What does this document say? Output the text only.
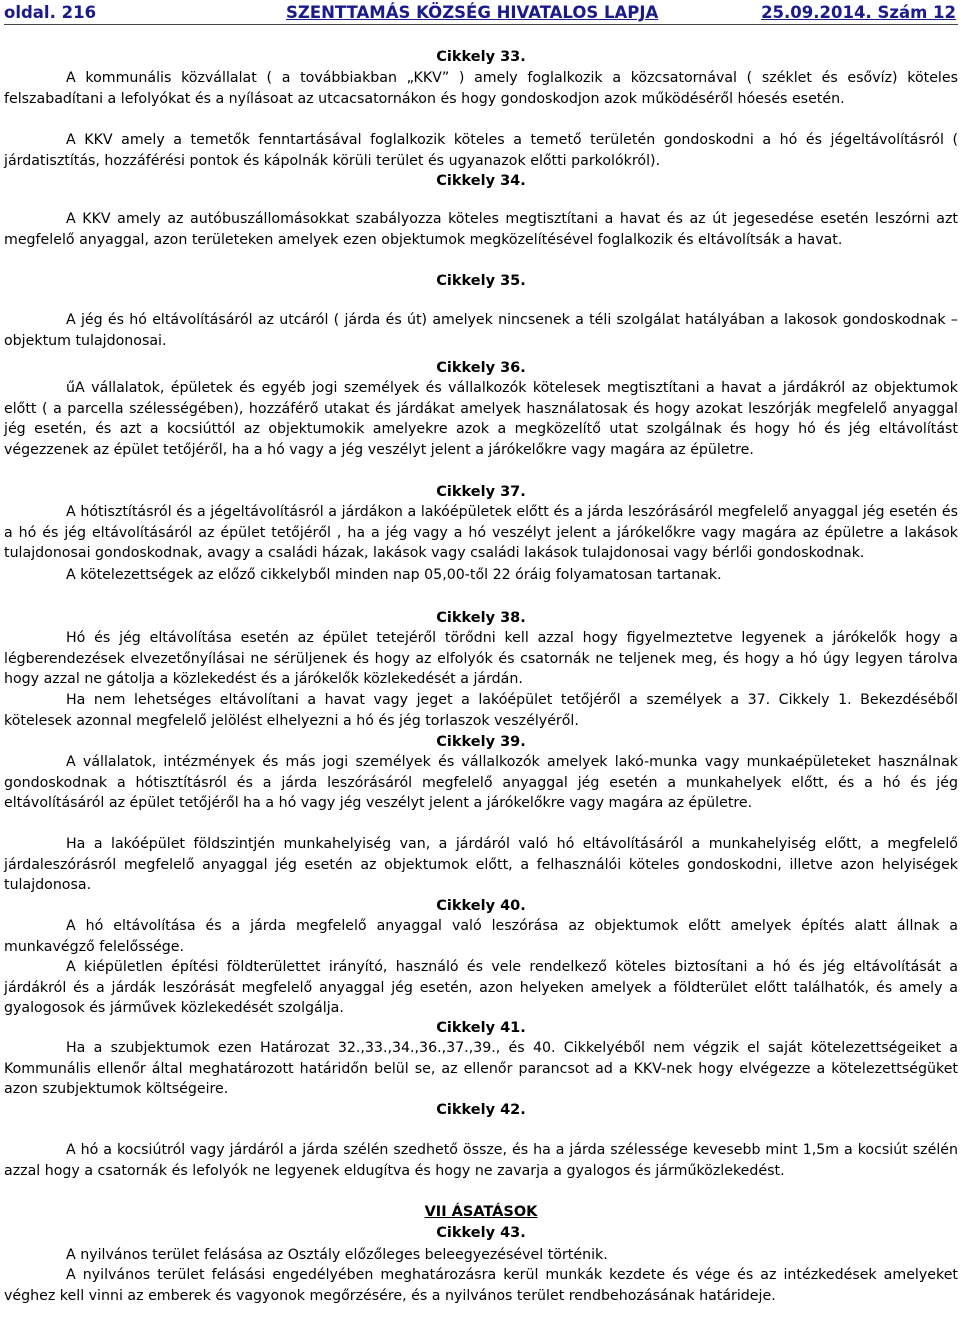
oldal. 216	SZENTTAMÁS KÖZSÉG HIVATALOS LAPJA	25.09.2014. Szám 12
Cikkely 33.
A kommunális közvállalat ( a továbbiakban „KKV” ) amely foglalkozik a közcsatornával ( széklet és esővíz) köteles felszabadítani a lefolyókat és a nyílásoat az utcacsatornákon és hogy gondoskodjon azok működéséről hóesés esetén.
A KKV amely a temetők fenntartásával foglalkozik köteles a temető területén gondoskodni a hó és jégeltávolításról ( járdatisztítás, hozzáférési pontok és kápolnák körüli terület és ugyanazok előtti parkolókról).
Cikkely 34.
A KKV amely az autóbuszállomásokkat szabályozza köteles megtisztítani a havat és az út jegesedése esetén leszórni azt megfelelő anyaggal, azon területeken amelyek ezen objektumok megközelítésével foglalkozik és eltávolítsák a havat.
Cikkely 35.
A jég és hó eltávolításáról az utcáról ( járda és út) amelyek nincsenek a téli szolgálat hatályában a lakosok gondoskodnak – objektum tulajdonosai.
Cikkely 36.
űA vállalatok, épületek és egyéb jogi személyek és vállalkozók kötelesek megtisztítani a havat a járdákról az objektumok előtt ( a parcella szélességében), hozzáférő utakat és járdákat amelyek használatosak és hogy azokat leszórják megfelelő anyaggal jég esetén, és azt a kocsiúttól az objektumokik amelyekre azok a megközelítő utat szolgálnak és hogy hó és jég eltávolítást végezzenek az épület tetőjéről, ha a hó vagy a jég veszélyt jelent a járókelőkre vagy magára az épületre.
Cikkely 37.
A hótisztításról és a jégeltávolításról a járdákon a lakóépületek előtt és a járda leszórásáról megfelelő anyaggal jég esetén és a hó és jég eltávolításáról az épület tetőjéről , ha a jég vagy a hó veszélyt jelent a járókelőkre vagy magára az épületre a lakások tulajdonosai gondoskodnak, avagy a családi házak, lakások vagy családi lakások tulajdonosai vagy bérlői gondoskodnak.
A kötelezettségek az előző cikkelyből minden nap 05,00-től 22 óráig folyamatosan tartanak.
Cikkely 38.
Hó és jég eltávolítása esetén az épület tetejéről törődni kell azzal hogy figyelmeztetve legyenek a járókelők hogy a légberendezések elvezetőnyílásai ne sérüljenek és hogy az elfolyók és csatornák ne teljenek meg, és hogy a hó úgy legyen tárolva hogy azzal ne gátolja a közlekedést és a járókelők közlekedését a járdán.
Ha nem lehetséges eltávolítani a havat vagy jeget a lakóépület tetőjéről a személyek a 37. Cikkely 1. Bekezdéséből kötelesek azonnal megfelelő jelölést elhelyezni a hó és jég torlaszok veszélyéről.
Cikkely 39.
A vállalatok, intézmények és más jogi személyek és vállalkozók amelyek lakó-munka vagy munkaépületeket használnak gondoskodnak a hótisztításról és a járda leszórásáról megfelelő anyaggal jég esetén a munkahelyek előtt, és a hó és jég eltávolításáról az épület tetőjéről ha a hó vagy jég veszélyt jelent a járókelőkre vagy magára az épületre.
Ha a lakóépület földszintjén munkahelyiség van, a járdáról való hó eltávolításáról a munkahelyiség előtt, a megfelelő járdaleszórásról megfelelő anyaggal jég esetén az objektumok előtt, a felhasználói köteles gondoskodni, illetve azon helyiségek tulajdonosa.
Cikkely 40.
A hó eltávolítása és a járda megfelelő anyaggal való leszórása az objektumok előtt amelyek építés alatt állnak a munkavégző felelőssége.
A kiépületlen építési földterülettet irányító, használó és vele rendelkező köteles biztosítani a hó és jég eltávolítását a járdákról és a járdák leszórását megfelelő anyaggal jég esetén, azon helyeken amelyek a földterület előtt találhatók, és amely a gyalogosok és járművek közlekedését szolgálja.
Cikkely 41.
Ha a szubjektumok ezen Határozat 32.,33.,34.,36.,37.,39., és 40. Cikkelyéből nem végzik el saját kötelezettségeiket a Kommunális ellenőr által meghatározott határidőn belül se, az ellenőr parancsot ad a KKV-nek hogy elvégezze a kötelezettségüket azon szubjektumok költségeire.
Cikkely 42.
A hó a kocsiútról vagy járdáról a járda szélén szedhető össze, és ha a járda szélessége kevesebb mint 1,5m a kocsiút szélén azzal hogy a csatornák és lefolyók ne legyenek eldugítva és hogy ne zavarja a gyalogos és járműközlekedést.
VII ÁSATÁSOK
Cikkely 43.
A nyilvános terület felásása az Osztály előzőleges beleegyezésével történik.
A nyilvános terület felásási engedélyében meghatározásra kerül munkák kezdete és vége és az intézkedések amelyeket véghez kell vinni az emberek és vagyonok megőrzésére, és a nyilvános terület rendbehozásának határideje.
